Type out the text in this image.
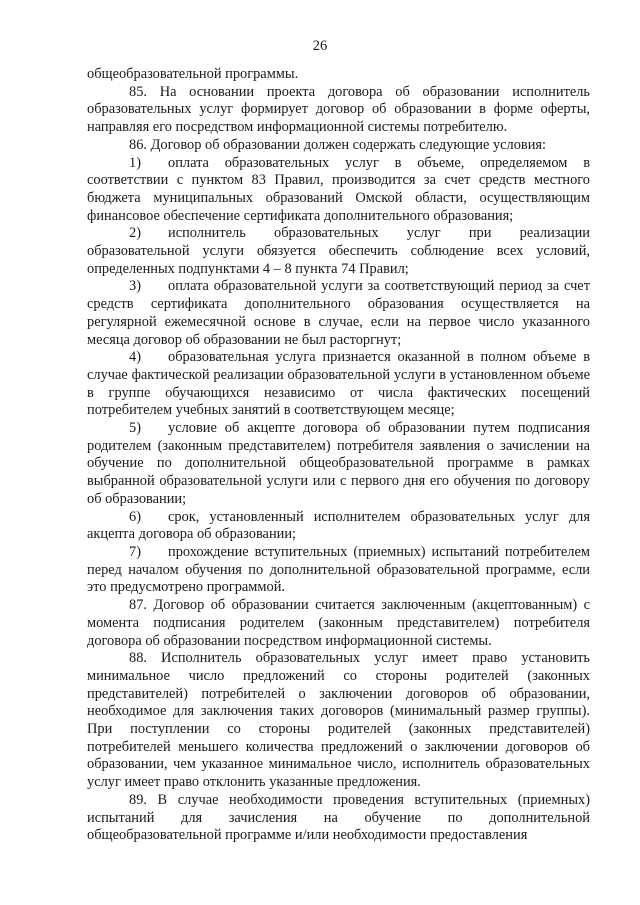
26

общеобразовательной программы.

85. На основании проекта договора об образовании исполнитель образовательных услуг формирует договор об образовании в форме оферты, направляя его посредством информационной системы потребителю.

86. Договор об образовании должен содержать следующие условия:

1) оплата образовательных услуг в объеме, определяемом в соответствии с пунктом 83 Правил, производится за счет средств местного бюджета муниципальных образований Омской области, осуществляющим финансовое обеспечение сертификата дополнительного образования;

2) исполнитель образовательных услуг при реализации образовательной услуги обязуется обеспечить соблюдение всех условий, определенных подпунктами 4 – 8 пункта 74 Правил;

3) оплата образовательной услуги за соответствующий период за счет средств сертификата дополнительного образования осуществляется на регулярной ежемесячной основе в случае, если на первое число указанного месяца договор об образовании не был расторгнут;

4) образовательная услуга признается оказанной в полном объеме в случае фактической реализации образовательной услуги в установленном объеме в группе обучающихся независимо от числа фактических посещений потребителем учебных занятий в соответствующем месяце;

5) условие об акцепте договора об образовании путем подписания родителем (законным представителем) потребителя заявления о зачислении на обучение по дополнительной общеобразовательной программе в рамках выбранной образовательной услуги или с первого дня его обучения по договору об образовании;

6) срок, установленный исполнителем образовательных услуг для акцепта договора об образовании;

7) прохождение вступительных (приемных) испытаний потребителем перед началом обучения по дополнительной образовательной программе, если это предусмотрено программой.

87. Договор об образовании считается заключенным (акцептованным) с момента подписания родителем (законным представителем) потребителя договора об образовании посредством информационной системы.

88. Исполнитель образовательных услуг имеет право установить минимальное число предложений со стороны родителей (законных представителей) потребителей о заключении договоров об образовании, необходимое для заключения таких договоров (минимальный размер группы). При поступлении со стороны родителей (законных представителей) потребителей меньшего количества предложений о заключении договоров об образовании, чем указанное минимальное число, исполнитель образовательных услуг имеет право отклонить указанные предложения.

89. В случае необходимости проведения вступительных (приемных) испытаний для зачисления на обучение по дополнительной общеобразовательной программе и/или необходимости предоставления
